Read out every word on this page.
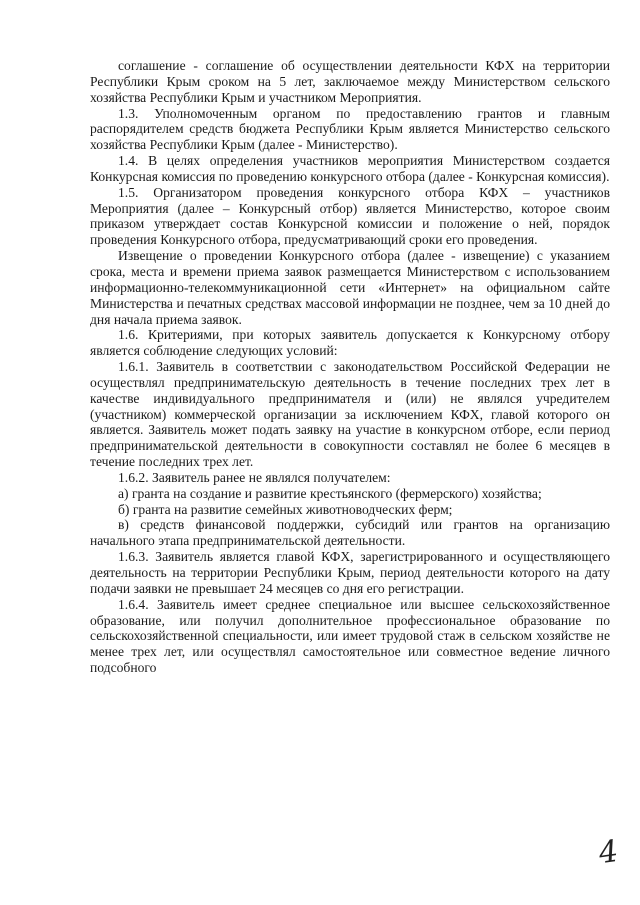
соглашение - соглашение об осуществлении деятельности КФХ на территории Республики Крым сроком на 5 лет, заключаемое между Министерством сельского хозяйства Республики Крым и участником Мероприятия.

1.3. Уполномоченным органом по предоставлению грантов и главным распорядителем средств бюджета Республики Крым является Министерство сельского хозяйства Республики Крым (далее - Министерство).

1.4. В целях определения участников мероприятия Министерством создается Конкурсная комиссия по проведению конкурсного отбора (далее - Конкурсная комиссия).

1.5. Организатором проведения конкурсного отбора КФХ – участников Мероприятия (далее – Конкурсный отбор) является Министерство, которое своим приказом утверждает состав Конкурсной комиссии и положение о ней, порядок проведения Конкурсного отбора, предусматривающий сроки его проведения.

Извещение о проведении Конкурсного отбора (далее - извещение) с указанием срока, места и времени приема заявок размещается Министерством с использованием информационно-телекоммуникационной сети «Интернет» на официальном сайте Министерства и печатных средствах массовой информации не позднее, чем за 10 дней до дня начала приема заявок.

1.6. Критериями, при которых заявитель допускается к Конкурсному отбору является соблюдение следующих условий:

1.6.1. Заявитель в соответствии с законодательством Российской Федерации не осуществлял предпринимательскую деятельность в течение последних трех лет в качестве индивидуального предпринимателя и (или) не являлся учредителем (участником) коммерческой организации за исключением КФХ, главой которого он является. Заявитель может подать заявку на участие в конкурсном отборе, если период предпринимательской деятельности в совокупности составлял не более 6 месяцев в течение последних трех лет.

1.6.2. Заявитель ранее не являлся получателем:

а) гранта на создание и развитие крестьянского (фермерского) хозяйства;

б) гранта на развитие семейных животноводческих ферм;

в) средств финансовой поддержки, субсидий или грантов на организацию начального этапа предпринимательской деятельности.

1.6.3. Заявитель является главой КФХ, зарегистрированного и осуществляющего деятельность на территории Республики Крым, период деятельности которого на дату подачи заявки не превышает 24 месяцев со дня его регистрации.

1.6.4. Заявитель имеет среднее специальное или высшее сельскохозяйственное образование, или получил дополнительное профессиональное образование по сельскохозяйственной специальности, или имеет трудовой стаж в сельском хозяйстве не менее трех лет, или осуществлял самостоятельное или совместное ведение личного подсобного

4
